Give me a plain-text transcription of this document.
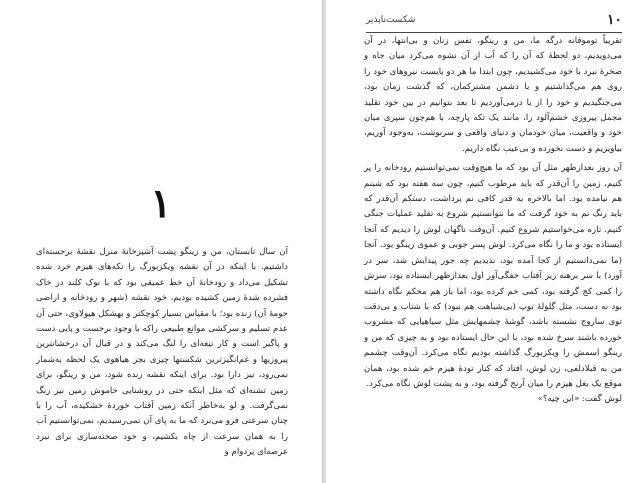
۱

آن سال تابستان، من و رینگو پشت آشپزخانهٔ منزل نقشهٔ برجسته‌ای داشتیم. با اینکه در آن نقشه ویکزبورگ را تکه‌های هیزم خرد شده تشکیل می‌داد و رودخانهٔ آن خط عمیقی بود که با نوک کلند در خاک فشرده شدهٔ زمین کشیده بودیم، خود نقشه (شهر و رودخانه و اراضی حومهٔ آن) زنده بود؛ با مقیاس بسیار کوچکتر و بهشکل هیولاوی، حتی آن عدم تسلیم و سرکشی موانع طبیعی راکه با وجود برجست و پایی دست و پاگیر است و کار تیغه‌ای را لنگ می‌کند و در قبال آن درخشانترین پیروزیها و غم‌انگیزترین شکستها چیزی بجز هیاهوی یک لحظه به‌شمار نمی‌رود، نیز دارا بود. برای اینکه نقشه زنده شود، من و رینگو، برای زمین تشنه‌ای که مثل اینکه حتی در روشنایی خاموش زمین نیز رنگ نمی‌گرفت. و لو به‌خاطر آنکه زمین آفتاب خوردهٔ خشکیده، آب را با چنان سرعتی فرو می‌برد که ما به پای آن نمی‌رسیدیم، نمی‌توانستیم آب را به همان سرعت از چاه بکشیم، و خود صحنه‌سازی برای نبرد عرصه‌ای پردوام و

شکست‌ناپذیر	۱۰

تقریباً توموفانه درگه ما، من و رینگو، تفس زنان و بی‌انتها، در آن می‌دویدیم، دو لحظهٔ که آن را که آب از آن نشوه می‌کرد میان جاه و صخرهٔ نیرد با خود می‌کشیدیم، چون ابتدا ما هر دو بایست نیروهای خود را روی هم می‌گذاشتیم و با دشمن مشترکمان، که گذشت زمان بود، می‌جنگیدیم و خود را از یا درمی‌آوردیم تا بعد بتوانیم در بین خود تقلید مجمل پیروزی خشم‌آلود را، مانند یک تکه پارچه، با هم‌چون سپری میان خود و واقعیت، میان خودمان و دنیای واقعی و سرنوشت، به‌وجود آوریم، بیاویزیم و دست نخورده و بی‌عیب نگاه داریم.

آن روز بعدازظهر مثل آن بود که ما هیچ‌وقت نمی‌توانستیم رودخانه را پر کنیم، زمین را آن‌قدر که باید مرطوب کنیم، چون سه هفته بود که شبنم هم نیامده بود. اما بالاخره به قدر کافی نم برداشت، دستکم آن‌قدر که باید رنگ نم به خود گرفت که ما نتوانستیم شروع به تقلید عملیات جنگی کنیم. تازه می‌خواستیم شروع کنیم. آن‌وقت ناگهان لوش را دیدیم که آنجا ایستاده بود و ما را نگاه می‌کرد. لوش پسر جوبی و عموی رینگو بود. آنجا (ما نمی‌دانستیم از کجا آمده بود، ندیدیم چه جور پیدایش شد، سر در آورد) با سر برهنه زیر آفتاب خفگی‌آور اول بعدازظهر ایستاده بود، سرش را کمی کج گرفته بود، کمی خم کرده بود، اما باز هم محکم نگاه داشته بود نه دست، مثل گلولهٔ توپ (بی‌شباهت هم نبود) که با شتاب و بی‌دقت توی ساروج نشسته باشد، گوشهٔ چشمهایش مثل سیاهیایی که مشروب خورده باشند سرخ شده بود، با این حال ایستاده بود و به چیزی که من و رینگو اسمش را ویکزبورگ گذاشته بودیم نگاه می‌کرد. آن‌وقت چشمم من به قبلادلفی، زن لوش، افتاد که کنار تودهٔ هیزم خم شده بود، همان موقع یک بغل هیزم را میان آرنج گرفته بود، و به پشت لوش نگاه می‌کرد.

لوش گفت: «این چیه؟»
